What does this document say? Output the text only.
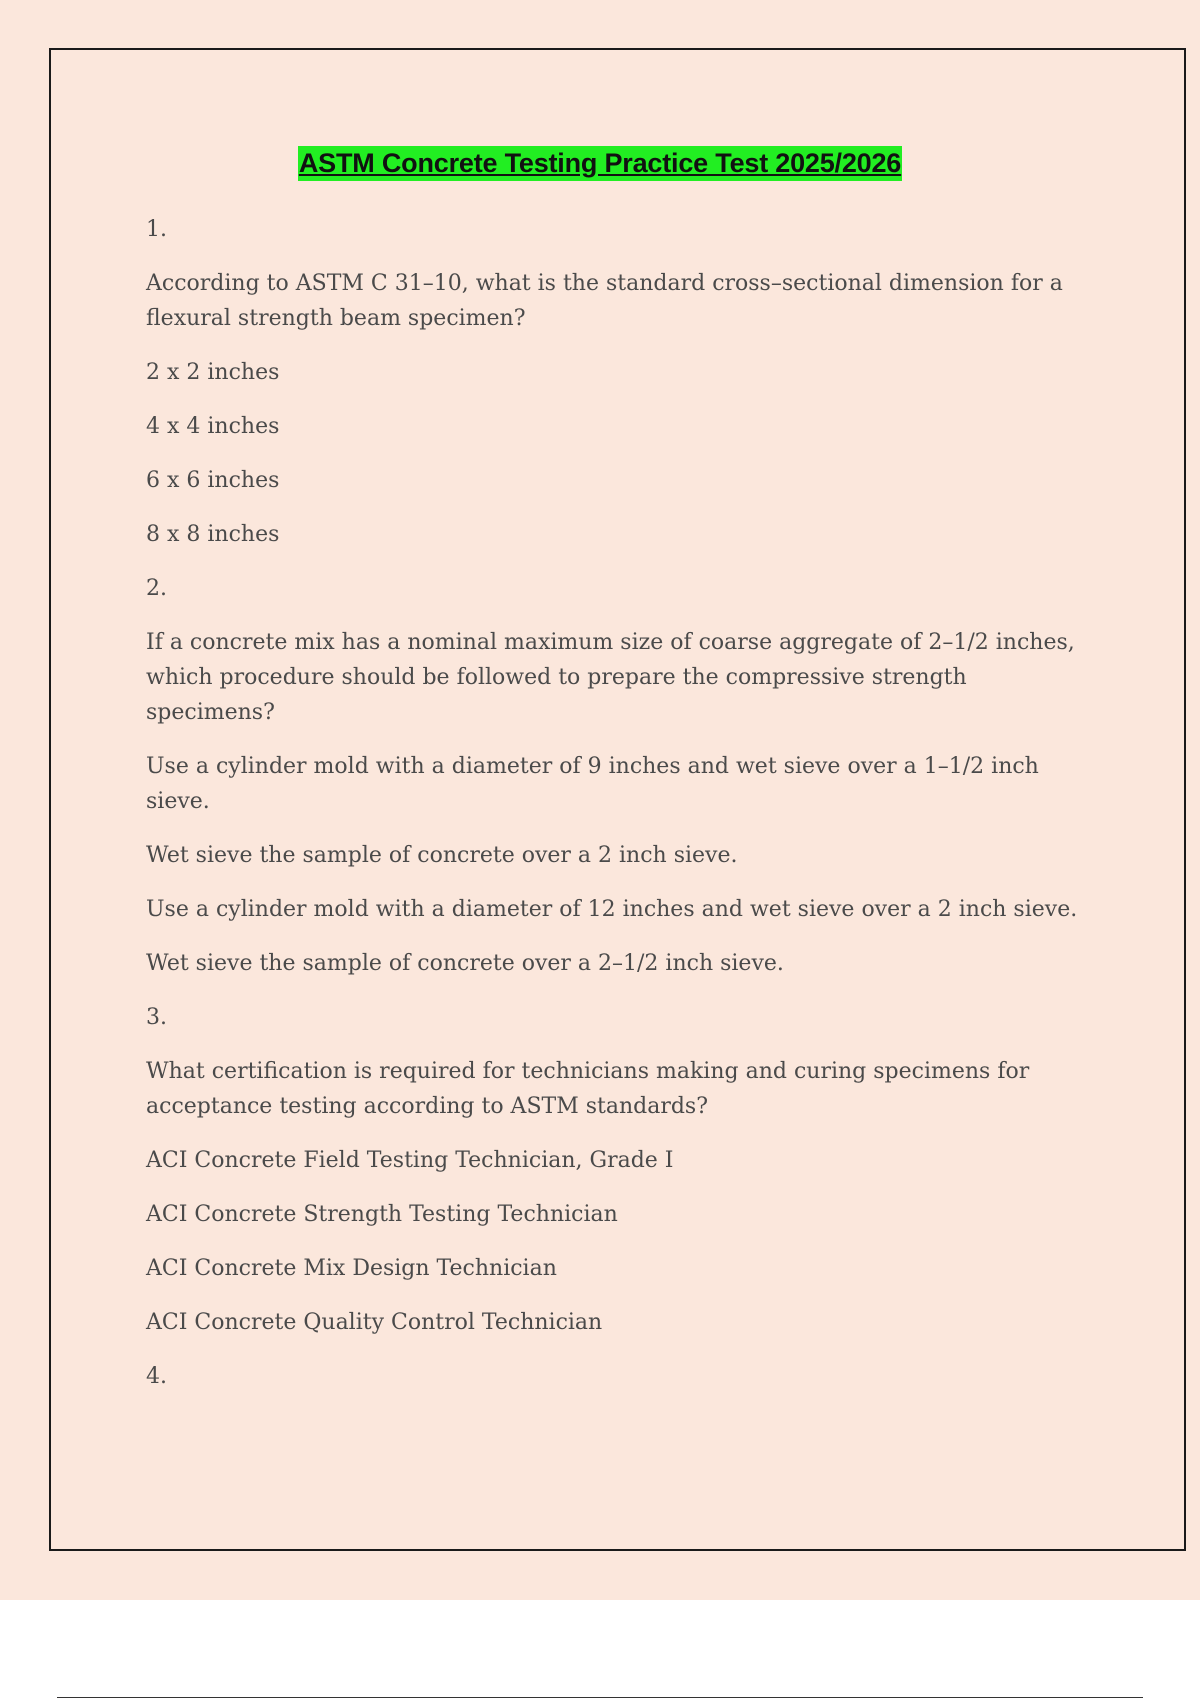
ASTM Concrete Testing Practice Test 2025/2026

1.

According to ASTM C 31–10, what is the standard cross–sectional dimension for a flexural strength beam specimen?

2 x 2 inches

4 x 4 inches

6 x 6 inches

8 x 8 inches

2.

If a concrete mix has a nominal maximum size of coarse aggregate of 2–1/2 inches, which procedure should be followed to prepare the compressive strength specimens?

Use a cylinder mold with a diameter of 9 inches and wet sieve over a 1–1/2 inch sieve.

Wet sieve the sample of concrete over a 2 inch sieve.

Use a cylinder mold with a diameter of 12 inches and wet sieve over a 2 inch sieve.

Wet sieve the sample of concrete over a 2–1/2 inch sieve.

3.

What certification is required for technicians making and curing specimens for acceptance testing according to ASTM standards?

ACI Concrete Field Testing Technician, Grade I

ACI Concrete Strength Testing Technician

ACI Concrete Mix Design Technician

ACI Concrete Quality Control Technician

4.
